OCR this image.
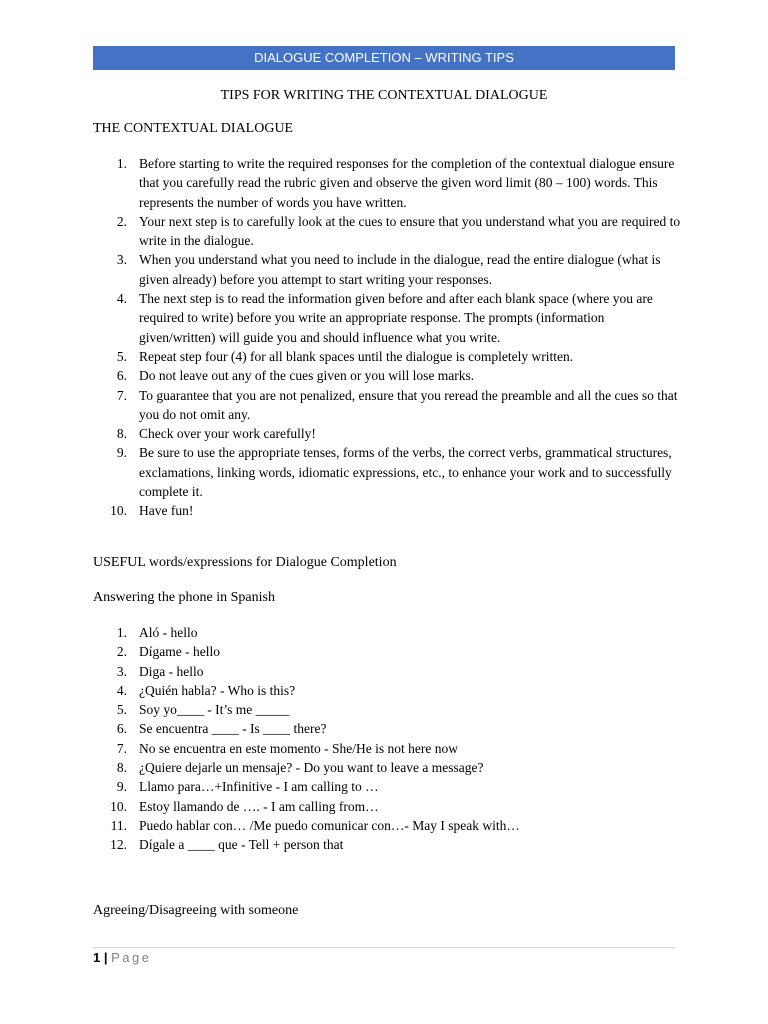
DIALOGUE COMPLETION – WRITING TIPS
TIPS FOR WRITING THE CONTEXTUAL DIALOGUE
THE CONTEXTUAL DIALOGUE
1. Before starting to write the required responses for the completion of the contextual dialogue ensure that you carefully read the rubric given and observe the given word limit (80 – 100) words. This represents the number of words you have written.
2. Your next step is to carefully look at the cues to ensure that you understand what you are required to write in the dialogue.
3. When you understand what you need to include in the dialogue, read the entire dialogue (what is given already) before you attempt to start writing your responses.
4. The next step is to read the information given before and after each blank space (where you are required to write) before you write an appropriate response. The prompts (information given/written) will guide you and should influence what you write.
5. Repeat step four (4) for all blank spaces until the dialogue is completely written.
6. Do not leave out any of the cues given or you will lose marks.
7. To guarantee that you are not penalized, ensure that you reread the preamble and all the cues so that you do not omit any.
8. Check over your work carefully!
9. Be sure to use the appropriate tenses, forms of the verbs, the correct verbs, grammatical structures, exclamations, linking words, idiomatic expressions, etc., to enhance your work and to successfully complete it.
10. Have fun!
USEFUL words/expressions for Dialogue Completion
Answering the phone in Spanish
1. Aló - hello
2. Dígame - hello
3. Diga - hello
4. ¿Quién habla? - Who is this?
5. Soy yo____ - It’s me _____
6. Se encuentra ____ - Is ____ there?
7. No se encuentra en este momento - She/He is not here now
8. ¿Quiere dejarle un mensaje? - Do you want to leave a message?
9. Llamo para…+Infinitive - I am calling to …
10. Estoy llamando de …. - I am calling from…
11. Puedo hablar con… /Me puedo comunicar con…- May I speak with…
12. Dígale a ____ que - Tell + person that
Agreeing/Disagreeing with someone
1 | Page
